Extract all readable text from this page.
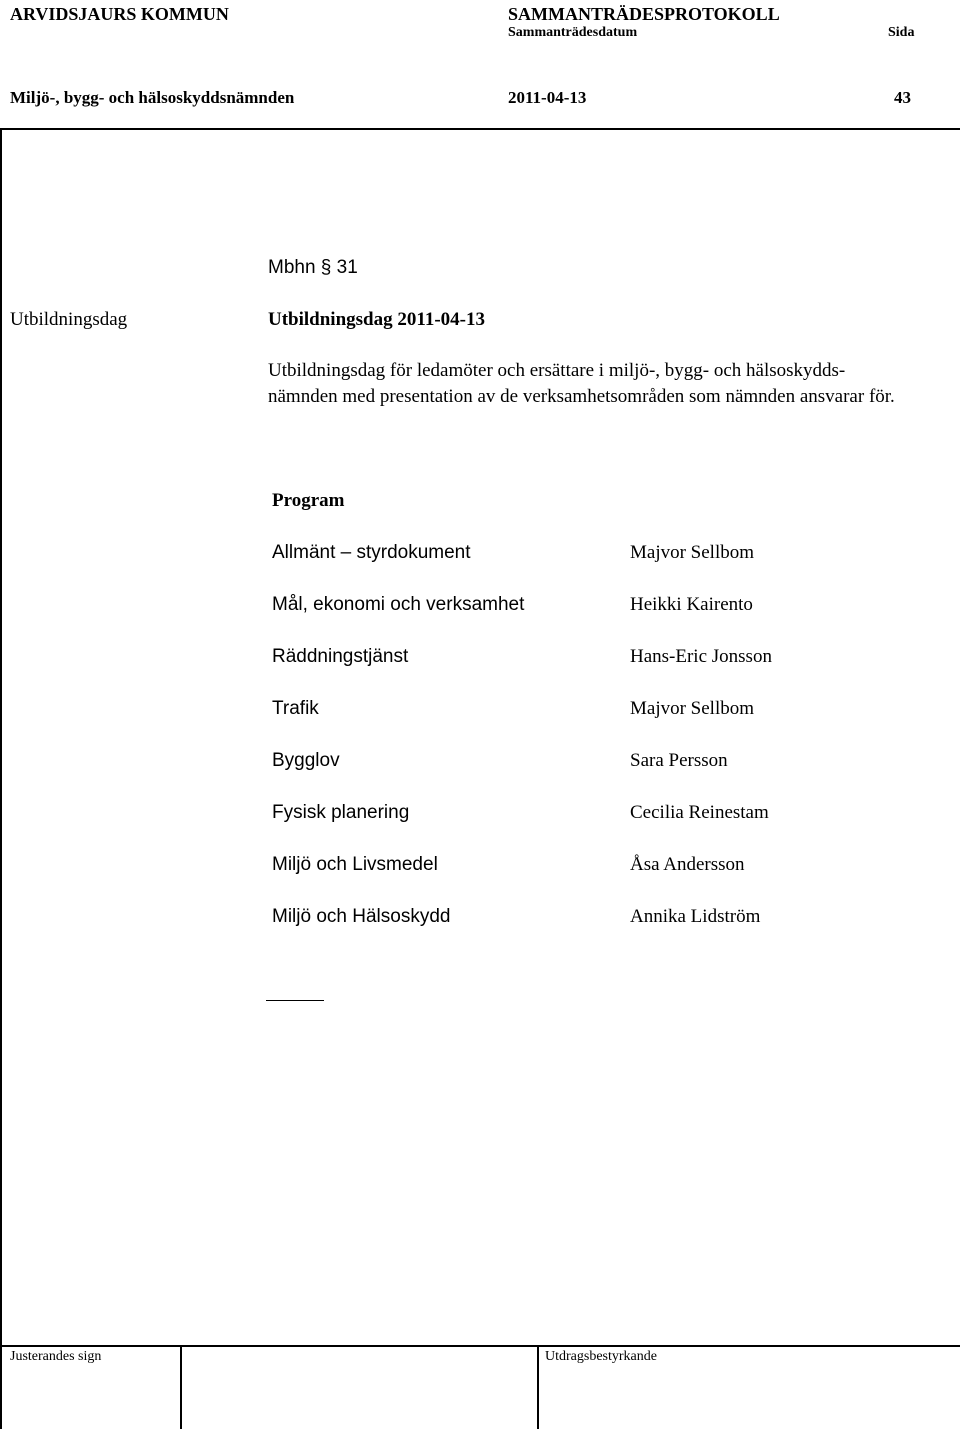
ARVIDSJAURS KOMMUN	SAMMANTRÄDESPROTOKOLL
Sammanträdesdatum	Sida
Miljö-, bygg- och hälsoskyddsnämnden	2011-04-13	43
Mbhn § 31
Utbildningsdag	Utbildningsdag 2011-04-13
Utbildningsdag för ledamöter och ersättare i miljö-, bygg- och hälsoskydds-nämnden med presentation av de verksamhetsområden som nämnden ansvarar för.
Program
Allmänt – styrdokument	Majvor Sellbom
Mål, ekonomi och verksamhet	Heikki Kairento
Räddningstjänst	Hans-Eric Jonsson
Trafik	Majvor Sellbom
Bygglov	Sara Persson
Fysisk planering	Cecilia Reinestam
Miljö och Livsmedel	Åsa Andersson
Miljö och Hälsoskydd	Annika Lidström
Justerandes sign	Utdragsbestyrkande
